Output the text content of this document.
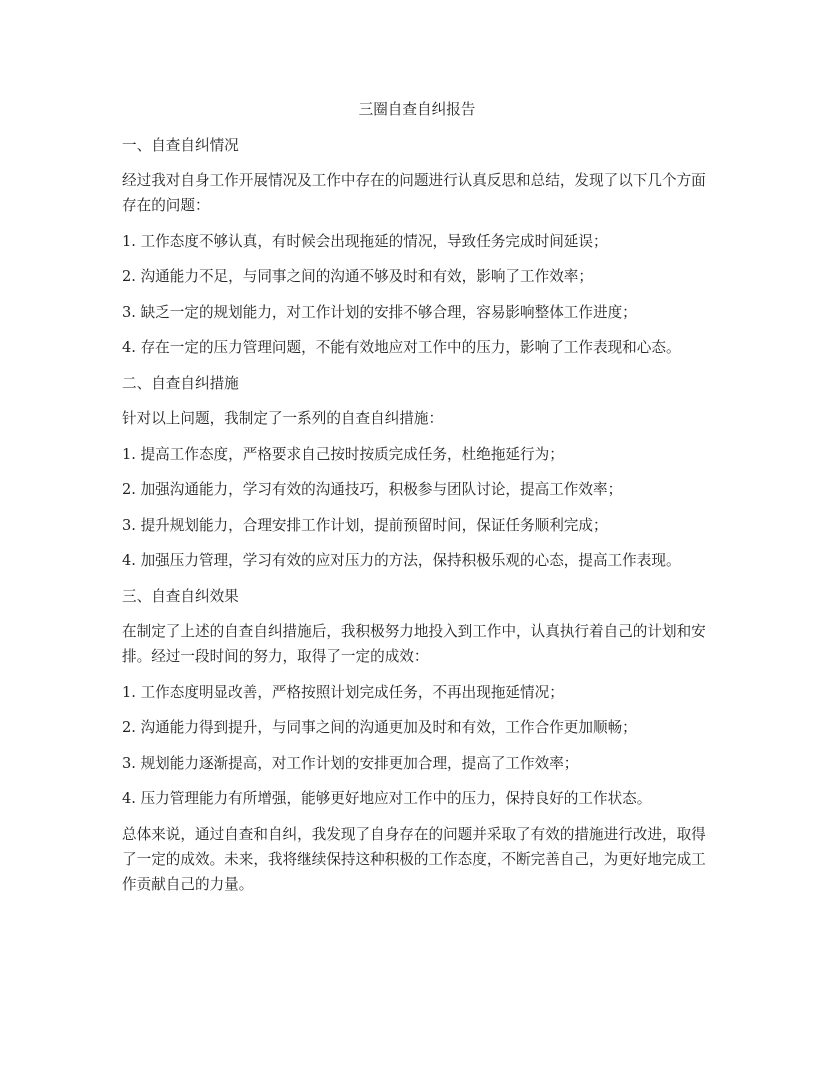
三圈自查自纠报告

一、自查自纠情况

经过我对自身工作开展情况及工作中存在的问题进行认真反思和总结，发现了以下几个方面存在的问题：

1. 工作态度不够认真，有时候会出现拖延的情况，导致任务完成时间延误；

2. 沟通能力不足，与同事之间的沟通不够及时和有效，影响了工作效率；

3. 缺乏一定的规划能力，对工作计划的安排不够合理，容易影响整体工作进度；

4. 存在一定的压力管理问题，不能有效地应对工作中的压力，影响了工作表现和心态。

二、自查自纠措施

针对以上问题，我制定了一系列的自查自纠措施：

1. 提高工作态度，严格要求自己按时按质完成任务，杜绝拖延行为；

2. 加强沟通能力，学习有效的沟通技巧，积极参与团队讨论，提高工作效率；

3. 提升规划能力，合理安排工作计划，提前预留时间，保证任务顺利完成；

4. 加强压力管理，学习有效的应对压力的方法，保持积极乐观的心态，提高工作表现。

三、自查自纠效果

在制定了上述的自查自纠措施后，我积极努力地投入到工作中，认真执行着自己的计划和安排。经过一段时间的努力，取得了一定的成效：

1. 工作态度明显改善，严格按照计划完成任务，不再出现拖延情况；

2. 沟通能力得到提升，与同事之间的沟通更加及时和有效，工作合作更加顺畅；

3. 规划能力逐渐提高，对工作计划的安排更加合理，提高了工作效率；

4. 压力管理能力有所增强，能够更好地应对工作中的压力，保持良好的工作状态。

总体来说，通过自查和自纠，我发现了自身存在的问题并采取了有效的措施进行改进，取得了一定的成效。未来，我将继续保持这种积极的工作态度，不断完善自己，为更好地完成工作贡献自己的力量。
